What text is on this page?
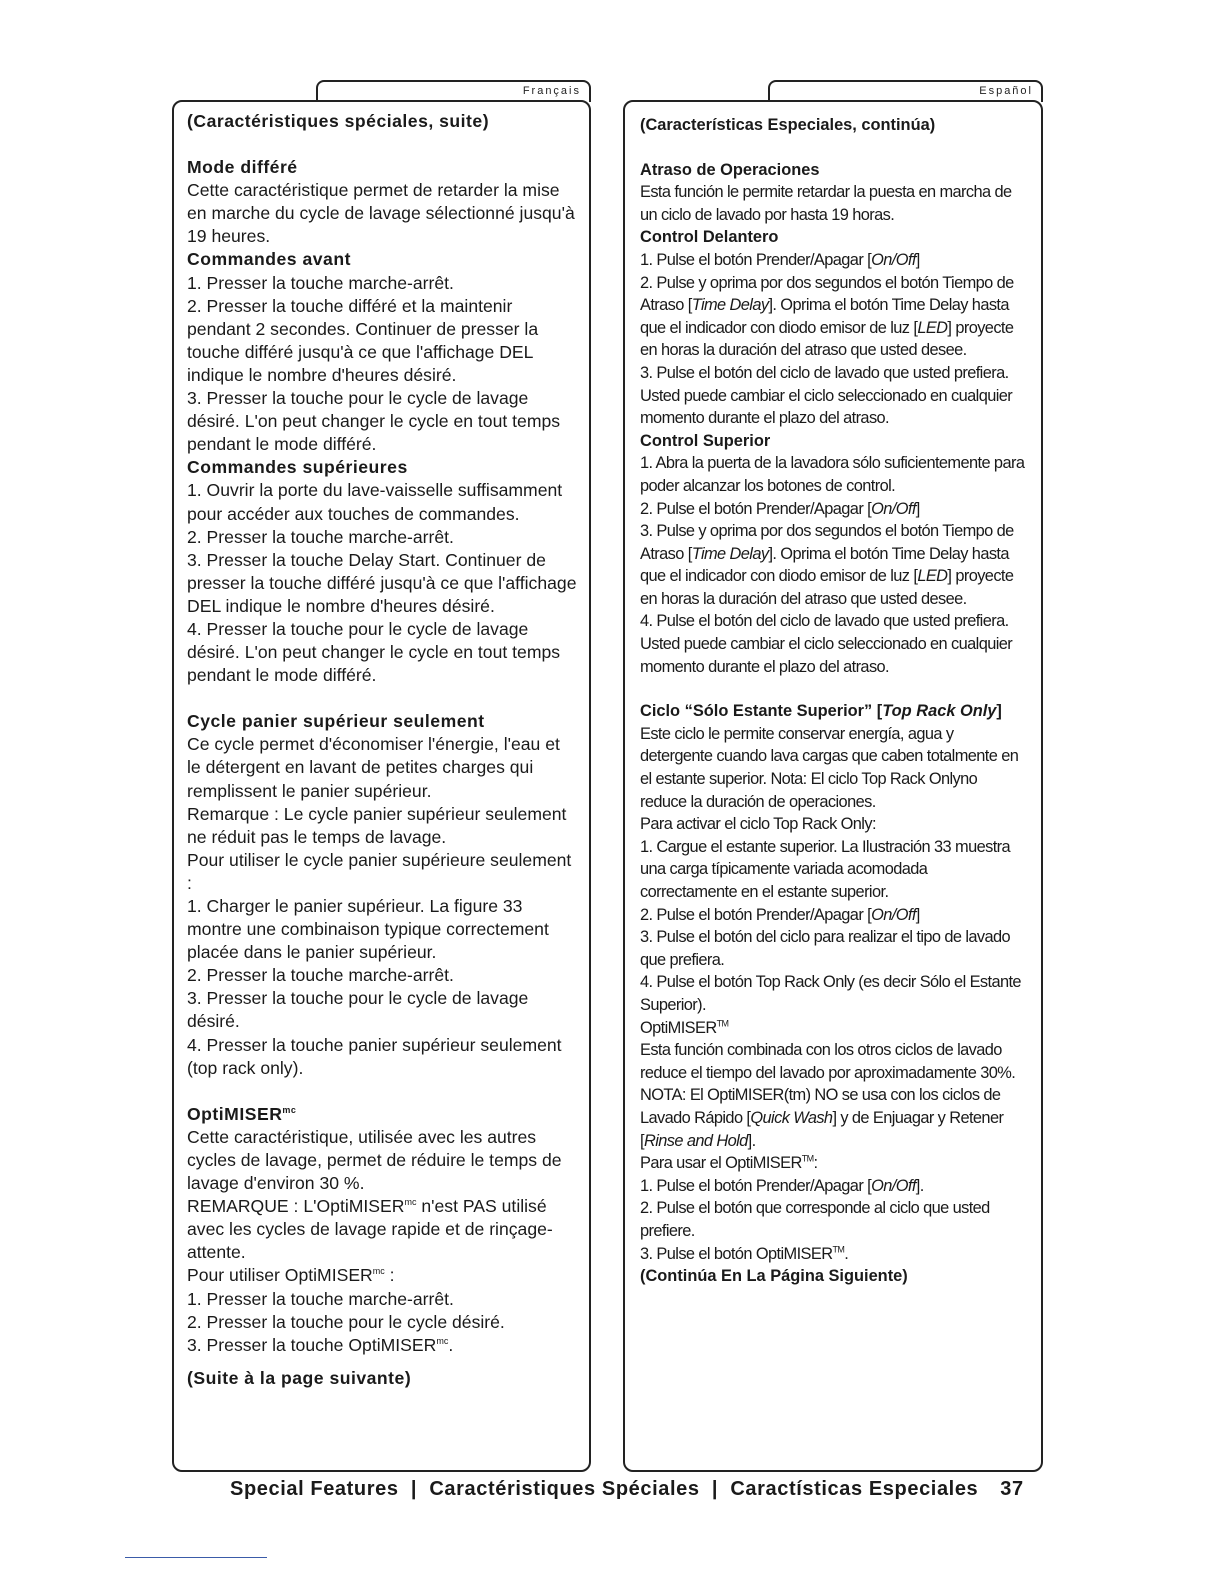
Français

(Caractéristiques spéciales, suite)

Mode différé

Cette caractéristique permet de retarder la mise en marche du cycle de lavage sélectionné jusqu'à 19 heures.

Commandes avant

1. Presser la touche marche-arrêt.

2. Presser la touche différé et la maintenir pendant 2 secondes. Continuer de presser la touche différé jusqu'à ce que l'affichage DEL indique le nombre d'heures désiré.

3. Presser la touche pour le cycle de lavage désiré. L'on peut changer le cycle en tout temps pendant le mode différé.

Commandes supérieures

1. Ouvrir la porte du lave-vaisselle suffisamment pour accéder aux touches de commandes.

2. Presser la touche marche-arrêt.

3. Presser la touche Delay Start. Continuer de presser la touche différé jusqu'à ce que l'affichage DEL indique le nombre d'heures désiré.

4. Presser la touche pour le cycle de lavage désiré. L'on peut changer le cycle en tout temps pendant le mode différé.

Cycle panier supérieur seulement

Ce cycle permet d'économiser l'énergie, l'eau et le détergent en lavant de petites charges qui remplissent le panier supérieur.

Remarque : Le cycle panier supérieur seulement ne réduit pas le temps de lavage.

Pour utiliser le cycle panier supérieure seulement :

1. Charger le panier supérieur. La figure 33 montre une combinaison typique correctement placée dans le panier supérieur.

2. Presser la touche marche-arrêt.

3. Presser la touche pour le cycle de lavage désiré.

4. Presser la touche panier supérieur seulement (top rack only).

OptiMISER$^{mc}$

Cette caractéristique, utilisée avec les autres cycles de lavage, permet de réduire le temps de lavage d'environ 30 %.

REMARQUE : L'OptiMISER$^{mc}$ n'est PAS utilisé avec les cycles de lavage rapide et de rinçage-attente.

Pour utiliser OptiMISER$^{mc}$ :

1. Presser la touche marche-arrêt.

2. Presser la touche pour le cycle désiré.

3. Presser la touche OptiMISER$^{mc}$.

(Suite à la page suivante)

Español

(Características Especiales, continúa)

Atraso de Operaciones

Esta función le permite retardar la puesta en marcha de un ciclo de lavado por hasta 19 horas.

Control Delantero

1. Pulse el botón Prender/Apagar [On/Off]

2. Pulse y oprima por dos segundos el botón Tiempo de Atraso [Time Delay]. Oprima el botón Time Delay hasta que el indicador con diodo emisor de luz [LED] proyecte en horas la duración del atraso que usted desee.

3. Pulse el botón del ciclo de lavado que usted prefiera. Usted puede cambiar el ciclo seleccionado en cualquier momento durante el plazo del atraso.

Control Superior

1. Abra la puerta de la lavadora sólo suficientemente para poder alcanzar los botones de control.

2. Pulse el botón Prender/Apagar [On/Off]

3. Pulse y oprima por dos segundos el botón Tiempo de Atraso [Time Delay]. Oprima el botón Time Delay hasta que el indicador con diodo emisor de luz [LED] proyecte en horas la duración del atraso que usted desee.

4. Pulse el botón del ciclo de lavado que usted prefiera. Usted puede cambiar el ciclo seleccionado en cualquier momento durante el plazo del atraso.

Ciclo “Sólo Estante Superior” [Top Rack Only]

Este ciclo le permite conservar energía, agua y detergente cuando lava cargas que caben totalmente en el estante superior. Nota: El ciclo Top Rack Onlyno reduce la duración de operaciones.

Para activar el ciclo Top Rack Only:

1. Cargue el estante superior. La Ilustración 33 muestra una carga típicamente variada acomodada correctamente en el estante superior.

2. Pulse el botón Prender/Apagar [On/Off]

3. Pulse el botón del ciclo para realizar el tipo de lavado que prefiera.

4. Pulse el botón Top Rack Only (es decir Sólo el Estante Superior).

OptiMISER™

Esta función combinada con los otros ciclos de lavado reduce el tiempo del lavado por aproximadamente 30%. NOTA: El OptiMISER(tm) NO se usa con los ciclos de Lavado Rápido [Quick Wash] y de Enjuagar y Retener [Rinse and Hold].

Para usar el OptiMISER™:

1. Pulse el botón Prender/Apagar [On/Off].

2. Pulse el botón que corresponde al ciclo que usted prefiere.

3. Pulse el botón OptiMISER™.

(Continúa En La Página Siguiente)

Special Features  |  Caractéristiques Spéciales  |  Caractísticas Especiales 37
